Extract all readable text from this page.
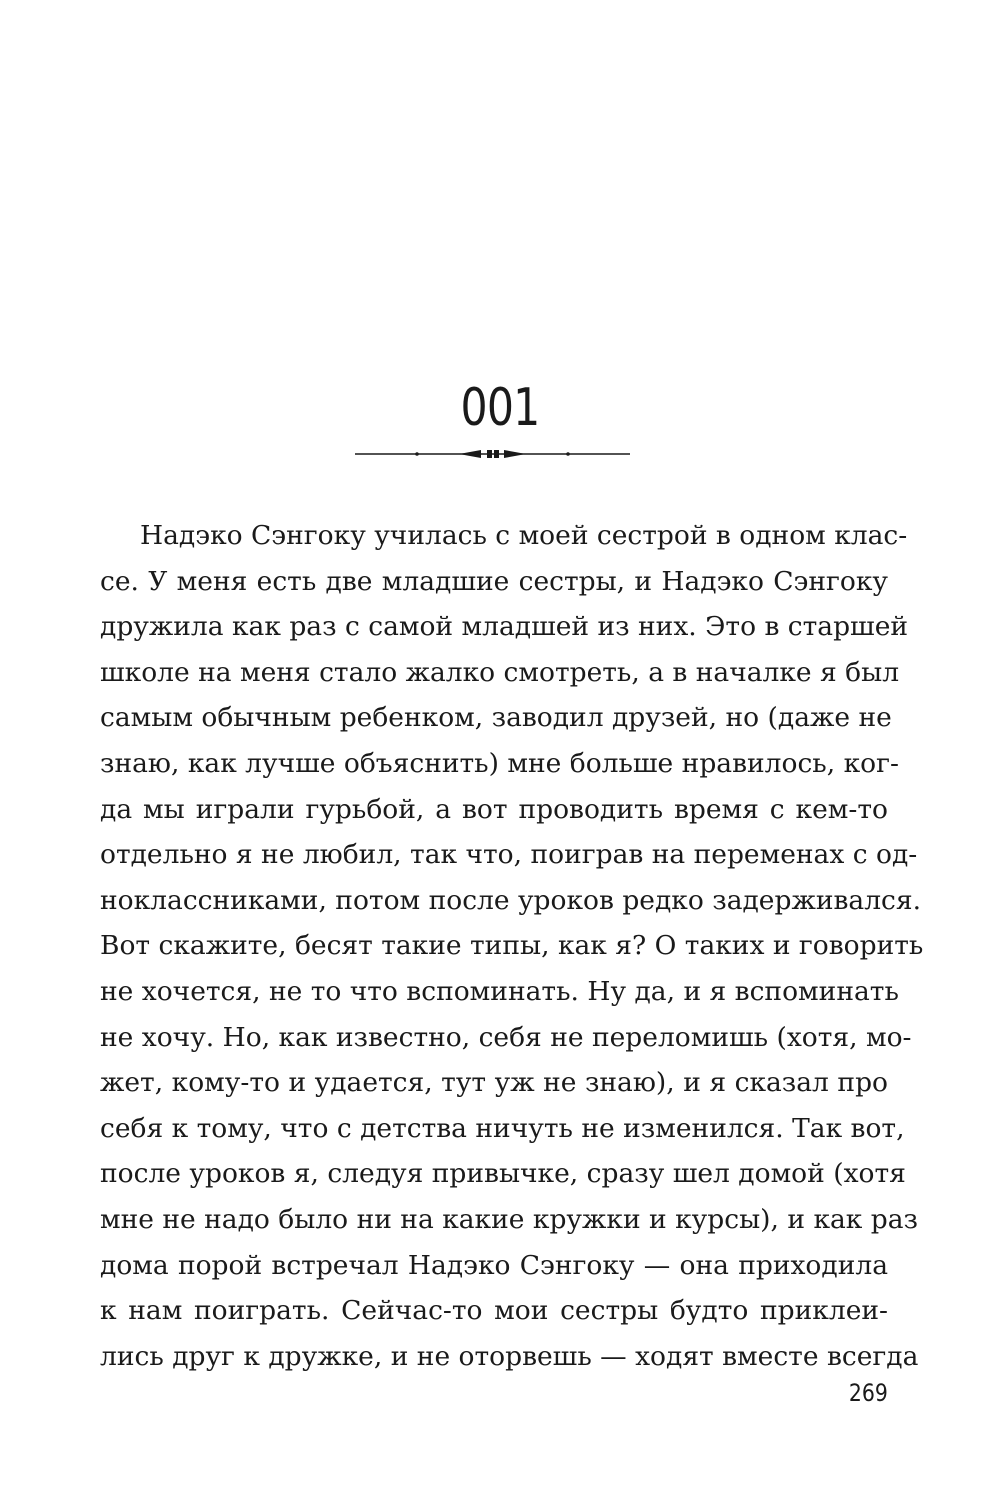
001
Надэко Сэнгоку училась с моей сестрой в одном клас-
се. У меня есть две младшие сестры, и Надэко Сэнгоку
дружила как раз с самой младшей из них. Это в старшей
школе на меня стало жалко смотреть, а в началке я был
самым обычным ребенком, заводил друзей, но (даже не
знаю, как лучше объяснить) мне больше нравилось, ког-
да мы играли гурьбой, а вот проводить время с кем-то
отдельно я не любил, так что, поиграв на переменах с од-
ноклассниками, потом после уроков редко задерживался.
Вот скажите, бесят такие типы, как я? О таких и говорить
не хочется, не то что вспоминать. Ну да, и я вспоминать
не хочу. Но, как известно, себя не переломишь (хотя, мо-
жет, кому-то и удается, тут уж не знаю), и я сказал про
себя к тому, что с детства ничуть не изменился. Так вот,
после уроков я, следуя привычке, сразу шел домой (хотя
мне не надо было ни на какие кружки и курсы), и как раз
дома порой встречал Надэко Сэнгоку — она приходила
к нам поиграть. Сейчас-то мои сестры будто приклеи-
лись друг к дружке, и не оторвешь — ходят вместе всегда
269
